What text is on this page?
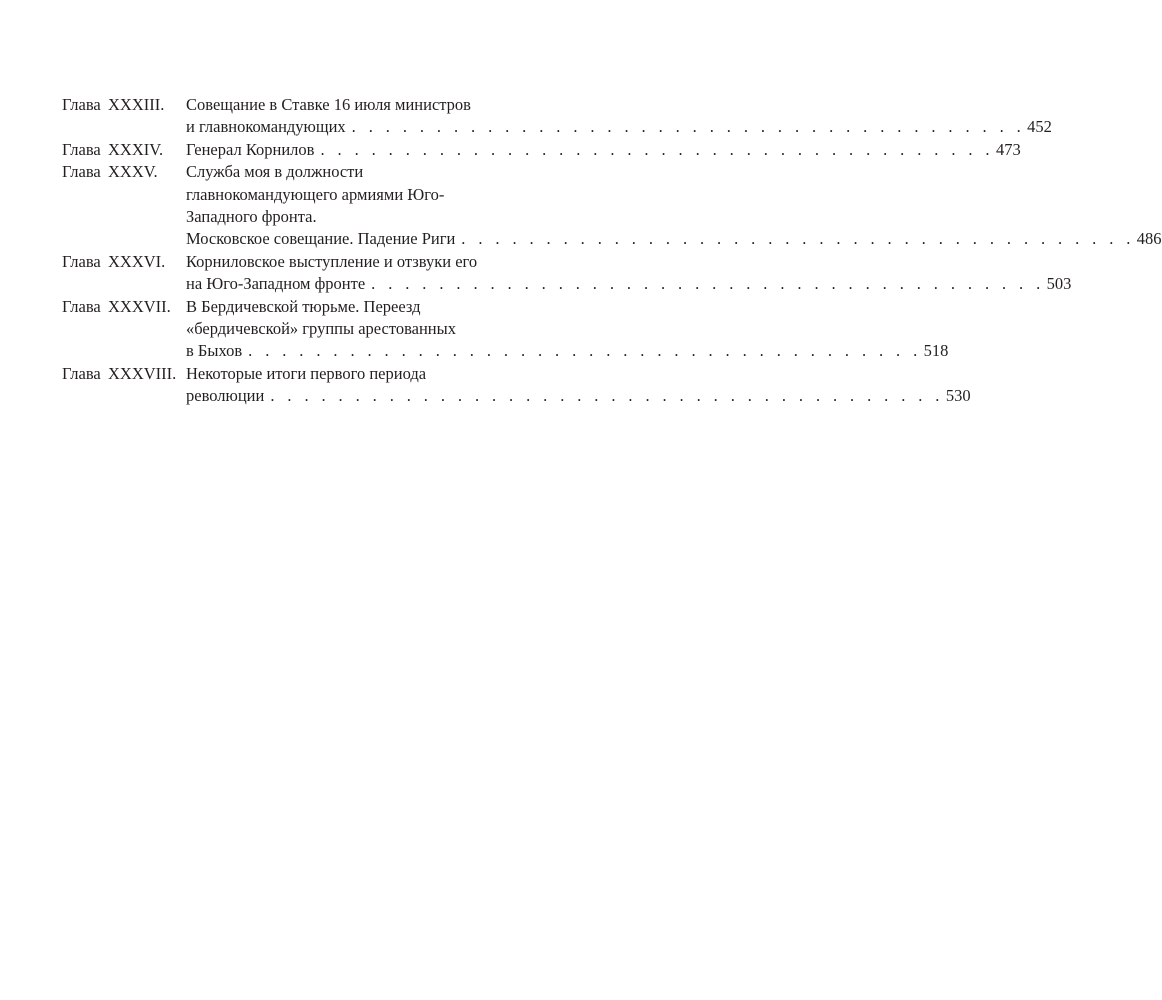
Глава XXXIII. Совещание в Ставке 16 июля министров
и главнокомандующих . . . . . . . . . . . . . . . . . . . . . . . . . . . . . . . . . . . . . . . . 452
Глава XXXIV. Генерал Корнилов . . . . . . . . . . . . . . . . . . . . . . . . . . . . . . . . . . . . . . . . 473
Глава XXXV. Служба моя в должности
главнокомандующего армиями Юго-
Западного фронта.
Московское совещание. Падение Риги . . . . . . . . . . . . . . . . . . . . . . . . . . . . . . . . . . . . . . . . 486
Глава XXXVI. Корниловское выступление и отзвуки его
на Юго-Западном фронте . . . . . . . . . . . . . . . . . . . . . . . . . . . . . . . . . . . . . . . . 503
Глава XXXVII. В Бердичевской тюрьме. Переезд
«бердичевской» группы арестованных
в Быхов . . . . . . . . . . . . . . . . . . . . . . . . . . . . . . . . . . . . . . . . 518
Глава XXXVIII. Некоторые итоги первого периода
революции . . . . . . . . . . . . . . . . . . . . . . . . . . . . . . . . . . . . . . . . 530
